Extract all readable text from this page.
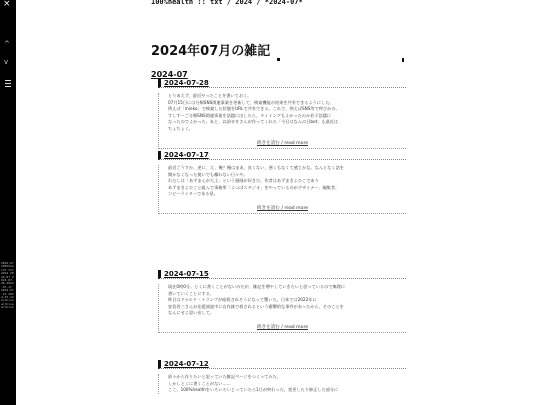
×
^
v
2024-07 100%health txt 2024 2024-07 2024-07-28 2024-07-17 2024-07-15 2024-07-12 archive archive archive
100%health :: txt / 2024 / *2024-07*
2024年07月の雑記
2024-07
2024-07-28

とりあえず、最近やったことを書いておく。

07月15日には分類SNS関連事業を更新して、検索機能の結果を共有できるようにした。

例えば「mieko」で検索した状態をURLで共有できる。これで、例えばSNS等で呼びかの、

すしすーご分類SNS関連事業を話題に出したら、タイミングもよかったのか若干話題に

なったのでよかった。あと、以前せせさんが作ってくれた「今日はなんの日bot」も最近は

ちょちょく。

続きを読む / read more
2024-07-17

最近ごうすか、逆に、え、俺？俺はまあ、良くない、悪くもなくて感じかな。なんとなく話を

聞かなくなった使いでも離れない日々や。

わたしは「あずまんが大王」という漫画が好きだ。作者はあずまきよひこであり

あずまきよひこと組んで事務所「よつばスタジオ」をやっているのがデザイナー、編集者、

コピーライターである星。

続きを読む / read more
2024-07-15

現在0時0分。とくに書くことがないのだが、雑記を増やしていきたいと思っているので無理に

書いていくことにする。

昨日はドナルド・トランプが暗殺されそうになって驚いた。日本では2022年に

安倍晋三さんが応援演説中に自作銃で殺されるという衝撃的な事件があったから、そのことを

なんにせよ思い出して。

続きを読む / read more
2024-07-12

前々から作りたいと思っていた雑記ページをつくってみた。

しかしとくに書くことがない……

ここ、100%healthをいろいろいじっていたら1日が終わった。変更したり修正した部分に
